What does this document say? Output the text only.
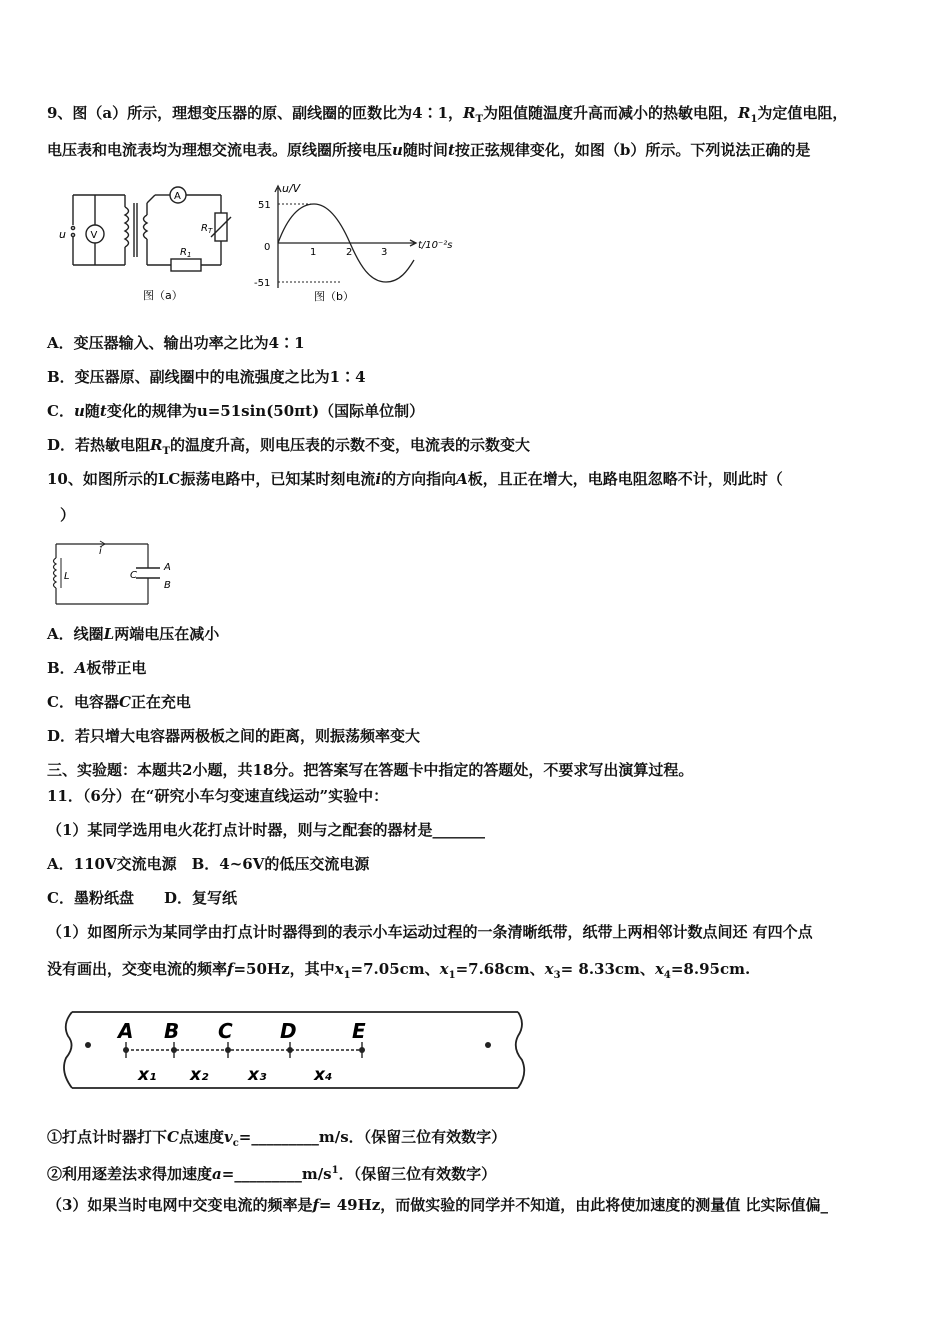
9、图（a）所示，理想变压器的原、副线圈的匝数比为4∶1，$R_T$为阻值随温度升高而减小的热敏电阻，$R_1$为定值电阻，
电压表和电流表均为理想交流电表。原线圈所接电压u随时间t按正弦规律变化，如图（b）所示。下列说法正确的是
u V
A
$R_T$
$R_1$
图（a）
u/V
t/10⁻²s
51
-51
0	1	2	3
图（b）
A．变压器输入、输出功率之比为4∶1
B．变压器原、副线圈中的电流强度之比为1∶4
C．u随t变化的规律为u=51sin(50πt)（国际单位制）
D．若热敏电阻$R_T$的温度升高，则电压表的示数不变，电流表的示数变大
10、如图所示的LC振荡电路中，已知某时刻电流i的方向指向A板，且正在增大，电路电阻忽略不计，则此时（
）
i
L	C
A
B
A．线圈L两端电压在减小
B．A板带正电
C．电容器C正在充电
D．若只增大电容器两极板之间的距离，则振荡频率变大
三、实验题：本题共2小题，共18分。把答案写在答题卡中指定的答题处，不要求写出演算过程。
11．（6分）在“研究小车匀变速直线运动”实验中：
（1）某同学选用电火花打点计时器，则与之配套的器材是_______
A．110V交流电源　B．4~6V的低压交流电源
C．墨粉纸盘　　D．复写纸
（1）如图所示为某同学由打点计时器得到的表示小车运动过程的一条清晰纸带，纸带上两相邻计数点间还 有四个点
没有画出，交变电流的频率f=50Hz，其中$x_1=7.05cm$、$x_1=7.68cm$、$x_3= 8.33cm$、$x_4=8.95cm$.
A B C D	E
x₁ x₂ x₃	x₄
①打点计时器打下C点速度$v_c=\_\_\_\_\_\_\_\_\_m/s$．（保留三位有效数字）
②利用逐差法求得加速度$a=\_\_\_\_\_\_\_\_\_m/s^1$．（保留三位有效数字）
（3）如果当时电网中交变电流的频率是f= 49Hz，而做实验的同学并不知道，由此将使加速度的测量值 比实际值偏_
